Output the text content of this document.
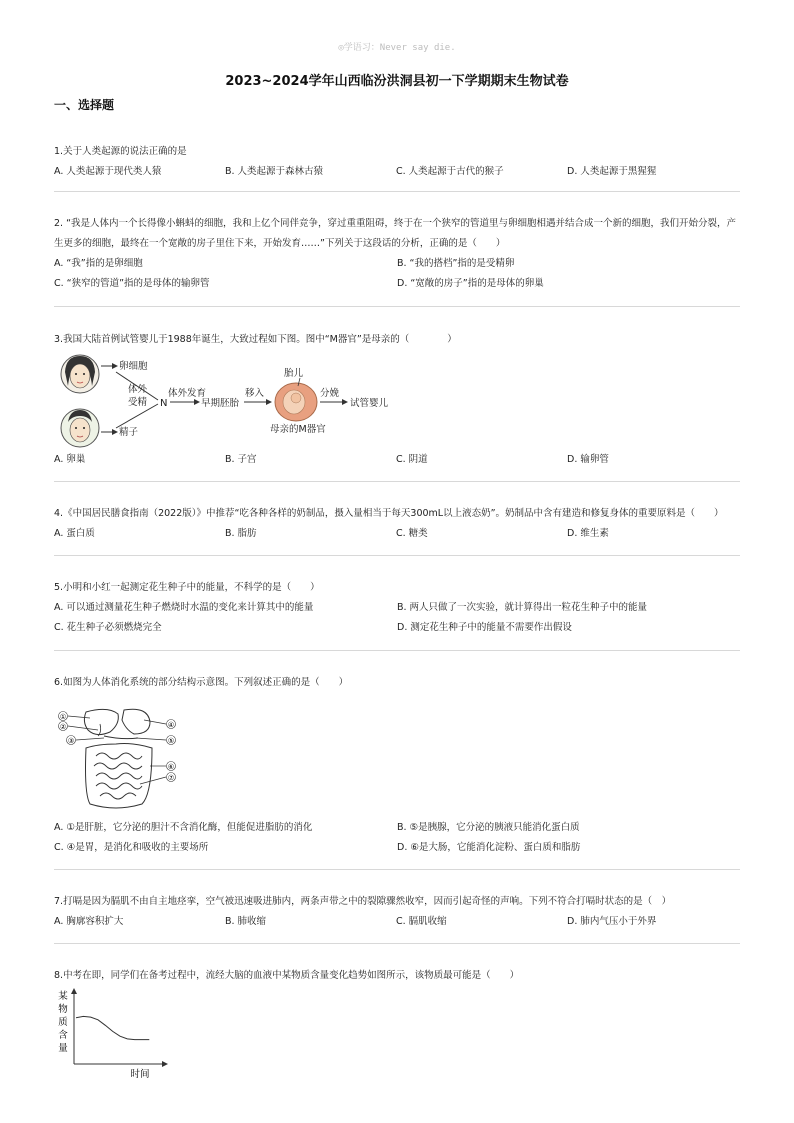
◎学语习：Never say die.
2023~2024学年山西临汾洪洞县初一下学期期末生物试卷
一、选择题
1.关于人类起源的说法正确的是
A. 人类起源于现代类人猿	B. 人类起源于森林古猿	C. 人类起源于古代的猴子	D. 人类起源于黑猩猩
2. “我是人体内一个长得像小蝌蚪的细胞，我和上亿个同伴竞争，穿过重重阻碍，终于在一个狭窄的管道里与卵细胞相遇并结合成一个新的细胞，我们开始分裂，产生更多的细胞，最终在一个宽敞的房子里住下来，开始发育……”下列关于这段话的分析，正确的是（　　）
A. “我”指的是卵细胞	B. “我的搭档”指的是受精卵
C. “狭窄的管道”指的是母体的输卵管	D. “宽敞的房子”指的是母体的卵巢
3.我国大陆首例试管婴儿于1988年诞生，大致过程如下图。图中“M器官”是母亲的（　　　　）
卵细胞
精子
体外
受精 N
体外发育
早期胚胎
移入
胎儿
母亲的M器官
分娩
试管婴儿
A. 卵巢	B. 子宫	C. 阴道	D. 输卵管
4.《中国居民膳食指南（2022版）》中推荐“吃各种各样的奶制品，摄入量相当于每天300mL以上液态奶”。奶制品中含有建造和修复身体的重要原料是（　　）
A. 蛋白质	B. 脂肪	C. 糖类	D. 维生素
5.小明和小红一起测定花生种子中的能量，不科学的是（　　）
A. 可以通过测量花生种子燃烧时水温的变化来计算其中的能量	B. 两人只做了一次实验，就计算得出一粒花生种子中的能量
C. 花生种子必须燃烧完全	D. 测定花生种子中的能量不需要作出假设
6.如图为人体消化系统的部分结构示意图。下列叙述正确的是（　　）
①
②
③
④
⑤
⑥
⑦
A. ①是肝脏，它分泌的胆汁不含消化酶，但能促进脂肪的消化	B. ⑤是胰腺，它分泌的胰液只能消化蛋白质
C. ④是胃，是消化和吸收的主要场所	D. ⑥是大肠，它能消化淀粉、蛋白质和脂肪
7.打嗝是因为膈肌不由自主地痉挛，空气被迅速吸进肺内，两条声带之中的裂隙骤然收窄，因而引起奇怪的声响。下列不符合打嗝时状态的是（　）
A. 胸廓容积扩大	B. 肺收缩	C. 膈肌收缩	D. 肺内气压小于外界
8.中考在即，同学们在备考过程中，流经大脑的血液中某物质含量变化趋势如图所示，该物质最可能是（　　）
某
物
质
含
量
时间
